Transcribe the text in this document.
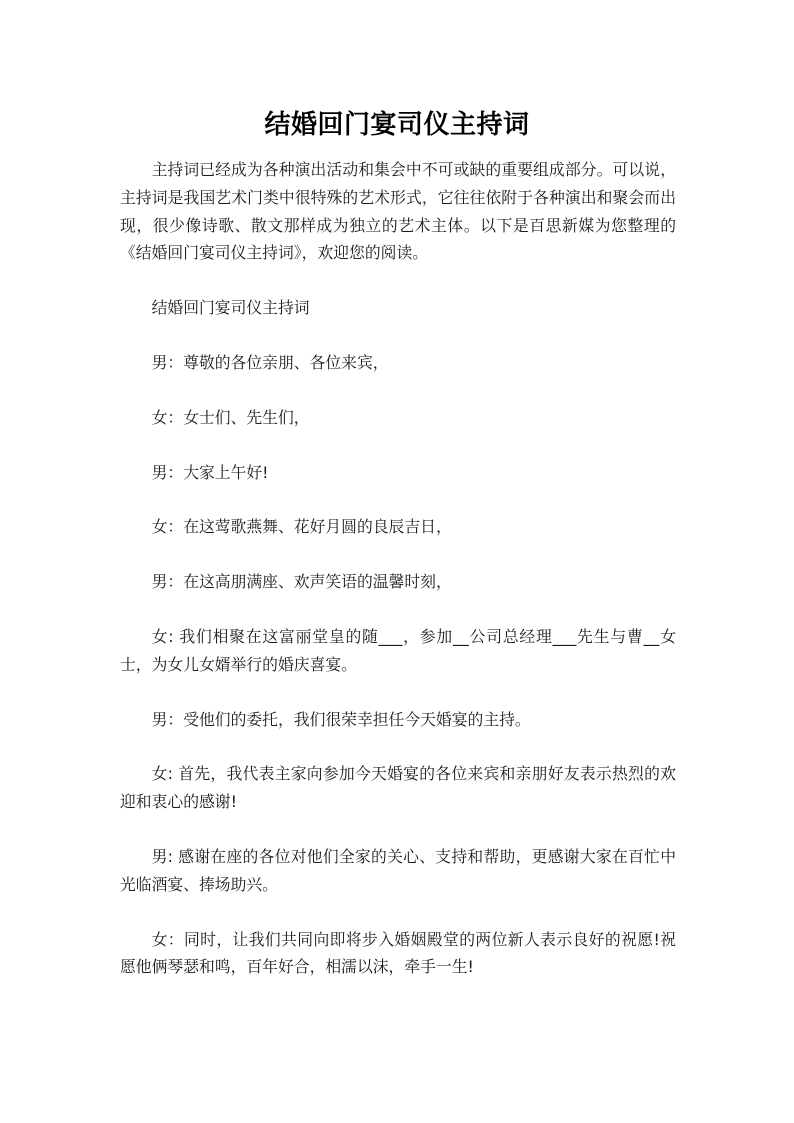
结婚回门宴司仪主持词

主持词已经成为各种演出活动和集会中不可或缺的重要组成部分。可以说，主持词是我国艺术门类中很特殊的艺术形式，它往往依附于各种演出和聚会而出现，很少像诗歌、散文那样成为独立的艺术主体。以下是百思新媒为您整理的《结婚回门宴司仪主持词》，欢迎您的阅读。

结婚回门宴司仪主持词

男：尊敬的各位亲朋、各位来宾，

女：女士们、先生们，

男：大家上午好!

女：在这莺歌燕舞、花好月圆的良辰吉日，

男：在这高朋满座、欢声笑语的温馨时刻，

女: 我们相聚在这富丽堂皇的随___，参加__公司总经理___先生与曹__女士，为女儿女婿举行的婚庆喜宴。

男：受他们的委托，我们很荣幸担任今天婚宴的主持。

女: 首先，我代表主家向参加今天婚宴的各位来宾和亲朋好友表示热烈的欢迎和衷心的感谢!

男: 感谢在座的各位对他们全家的关心、支持和帮助，更感谢大家在百忙中光临酒宴、捧场助兴。

女：同时，让我们共同向即将步入婚姻殿堂的两位新人表示良好的祝愿!祝愿他俩琴瑟和鸣，百年好合，相濡以沫，牵手一生!
